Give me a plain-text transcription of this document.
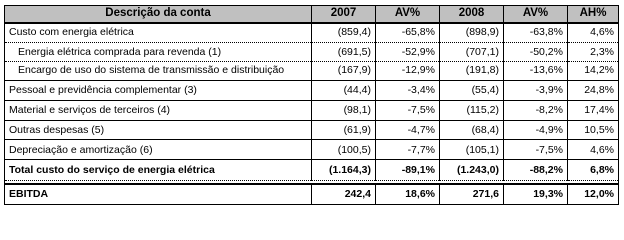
Descrição da conta	2007	AV%	2008	AV%	AH%
Custo com energia elétrica	(859,4)	-65,8%	(898,9)	-63,8%	4,6%
Energia elétrica comprada para revenda (1)	(691,5)	-52,9%	(707,1)	-50,2%	2,3%
Encargo de uso do sistema de transmissão e distribuição	(167,9)	-12,9%	(191,8)	-13,6%	14,2%
Pessoal e previdência complementar (3)	(44,4)	-3,4%	(55,4)	-3,9%	24,8%
Material e serviços de terceiros (4)	(98,1)	-7,5%	(115,2)	-8,2%	17,4%
Outras despesas (5)	(61,9)	-4,7%	(68,4)	-4,9%	10,5%
Depreciação e amortização (6)	(100,5)	-7,7%	(105,1)	-7,5%	4,6%
Total custo do serviço de energia elétrica	(1.164,3)	-89,1%	(1.243,0)	-88,2%	6,8%

EBITDA	242,4	18,6%	271,6	19,3%	12,0%
